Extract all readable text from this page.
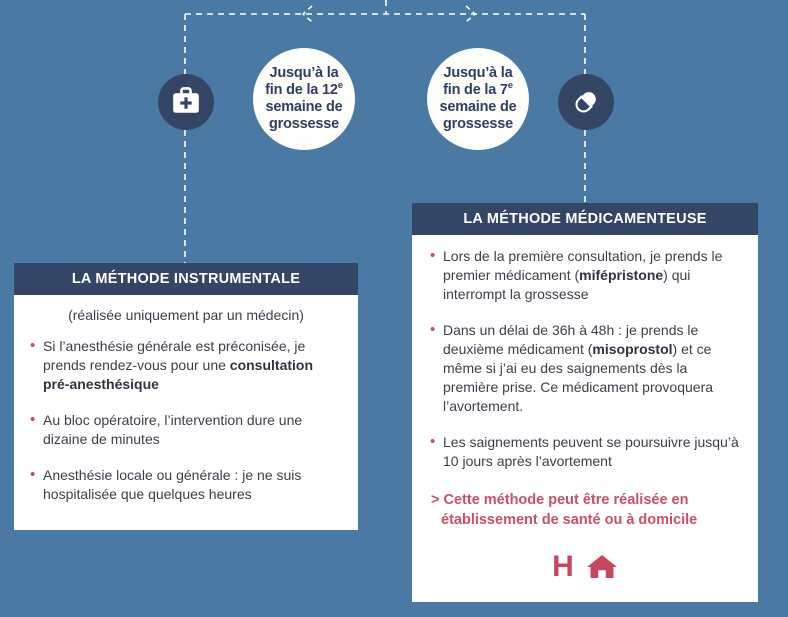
Jusqu’à la
fin de la 12e
semaine de
grossesse
Jusqu’à la
fin de la 7e
semaine de
grossesse
LA MÉTHODE INSTRUMENTALE
(réalisée uniquement par un médecin)
• Si l’anesthésie générale est préconisée, je prends rendez-vous pour une consultation pré-anesthésique
• Au bloc opératoire, l’intervention dure une dizaine de minutes
• Anesthésie locale ou générale : je ne suis hospitalisée que quelques heures
LA MÉTHODE MÉDICAMENTEUSE
• Lors de la première consultation, je prends le premier médicament (mifépristone) qui interrompt la grossesse
• Dans un délai de 36h à 48h : je prends le deuxième médicament (misoprostol) et ce même si j’ai eu des saignements dès la première prise. Ce médicament provoquera l’avortement.
• Les saignements peuvent se poursuivre jusqu’à 10 jours après l’avortement
> Cette méthode peut être réalisée en établissement de santé ou à domicile
H
